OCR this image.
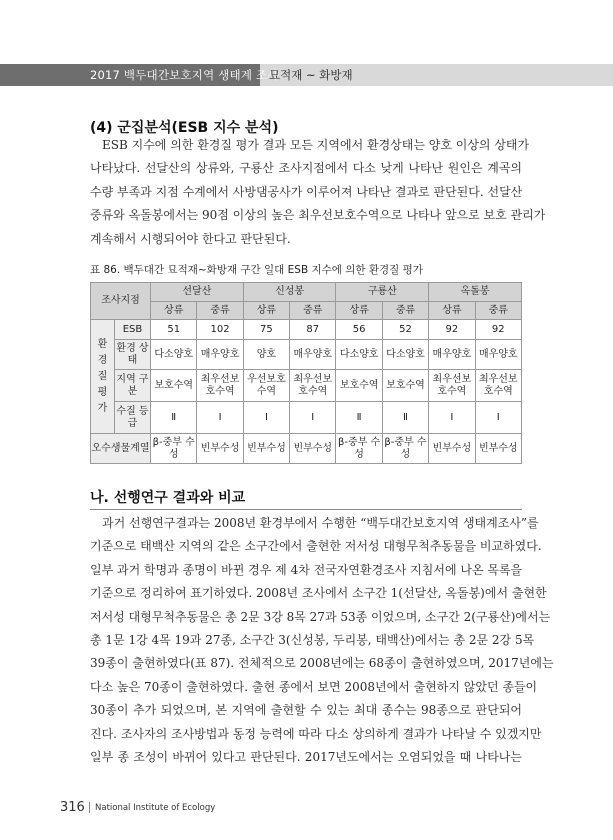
2017 백두대간보호지역 생태계 조사
묘적재 ~ 화방재
(4) 군집분석(ESB 지수 분석)

ESB 지수에 의한 환경질 평가 결과 모든 지역에서 환경상태는 양호 이상의 상태가
나타났다. 선달산의 상류와, 구룡산 조사지점에서 다소 낮게 나타난 원인은 계곡의
수량 부족과 지점 수계에서 사방댐공사가 이루어져 나타난 결과로 판단된다. 선달산
중류와 옥돌봉에서는 90점 이상의 높은 최우선보호수역으로 나타나 앞으로 보호 관리가
계속해서 시행되어야 한다고 판단된다.

표 86. 백두대간 묘적재~화방재 구간 일대 ESB 지수에 의한 환경질 평가
조사지점		선달산		신성봉		구룡산		옥돌봉	
		상류	중류	상류	중류	상류	중류	상류	중류

환경질평가	ESB	51	102	75	87	56	52	92	92
	환경 상태	다소양호	매우양호	양호	매우양호	다소양호	다소양호	매우양호	매우양호
	지역 구분	보호수역	최우선보 호수역	우선보호 수역	최우선보 호수역	보호수역	보호수역	최우선보 호수역	최우선보 호수역
	수질 등급	Ⅱ	Ⅰ	Ⅰ	Ⅰ	Ⅱ	Ⅱ	Ⅰ	Ⅰ
오수생물계열		β-중부 수성	빈부수성	빈부수성	빈부수성	β-중부 수성	β-중부 수성	빈부수성	빈부수성
나. 선행연구 결과와 비교

과거 선행연구결과는 2008년 환경부에서 수행한 “백두대간보호지역 생태계조사”를
기준으로 태백산 지역의 같은 소구간에서 출현한 저서성 대형무척추동물을 비교하였다.
일부 과거 학명과 종명이 바뀐 경우 제 4차 전국자연환경조사 지침서에 나온 목록을
기준으로 정리하여 표기하였다. 2008년 조사에서 소구간 1(선달산, 옥돌봉)에서 출현한
저서성 대형무척추동물은 총 2문 3강 8목 27과 53종 이었으며, 소구간 2(구룡산)에서는
총 1문 1강 4목 19과 27종, 소구간 3(신성봉, 두리봉, 태백산)에서는 총 2문 2강 5목
39종이 출현하였다(표 87). 전체적으로 2008년에는 68종이 출현하였으며, 2017년에는
다소 높은 70종이 출현하였다. 출현 종에서 보면 2008년에서 출현하지 않았던 종들이
30종이 추가 되었으며, 본 지역에 출현할 수 있는 최대 종수는 98종으로 판단되어
진다. 조사자의 조사방법과 동정 능력에 따라 다소 상의하게 결과가 나타날 수 있겠지만
일부 종 조성이 바뀌어 있다고 판단된다. 2017년도에서는 오염되었을 때 나타나는

316 National Institute of Ecology
